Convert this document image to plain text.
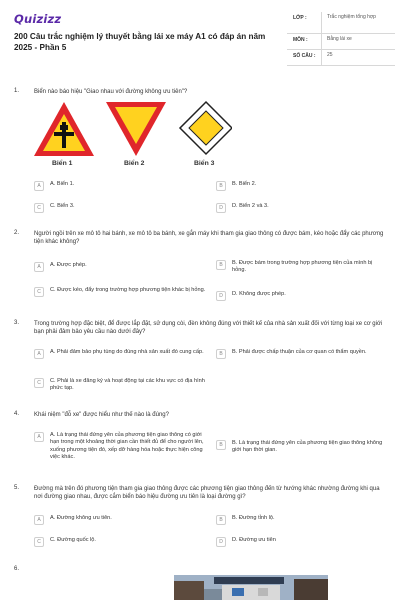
Quizizz
200 Câu trắc nghiệm lý thuyết bằng lái xe máy A1 có đáp án năm 2025 - Phần 5
LỚP :	Trắc nghiệm tổng hợp
MÔN :	Bằng lái xe
SỐ CÂU : 25
1. Biển nào báo hiệu "Giao nhau với đường không ưu tiên"?
Biển 1	Biển 2	Biển 3
A	A. Biển 1.	B	B. Biển 2.
C	C. Biển 3.	D	D. Biển 2 và 3.
2. Người ngồi trên xe mô tô hai bánh, xe mô tô ba bánh, xe gắn máy khi tham gia giao thông có được bám, kéo hoặc đẩy các phương tiện khác không?
A	A. Được phép.	B	B. Được bám trong trường hợp phương tiện của mình bị hỏng.
C	C. Được kéo, đẩy trong trường hợp phương tiện khác bị hỏng.
D	D. Không được phép.
3. Trong trường hợp đặc biệt, để được lắp đặt, sử dụng còi, đèn không đúng với thiết kế của nhà sản xuất đối với từng loại xe cơ giới bạn phải đảm bảo yêu cầu nào dưới đây?
A	A. Phải đảm bảo phụ tùng do đúng nhà sản xuất đó cung cấp.	B	B. Phải được chấp thuận của cơ quan có thẩm quyền.
C	C. Phải là xe đăng ký và hoạt động tại các khu vực có địa hình phức tạp.
4. Khái niệm "đỗ xe" được hiểu như thế nào là đúng?
A	A. Là trạng thái đứng yên của phương tiện giao thông có giới hạn trong một khoảng thời gian cần thiết đủ để cho người lên, xuống phương tiện đó, xếp dỡ hàng hóa hoặc thực hiện công việc khác.
B	B. Là trạng thái đứng yên của phương tiện giao thông không giới hạn thời gian.
5. Đường mà trên đó phương tiện tham gia giao thông được các phương tiện giao thông đến từ hướng khác nhường đường khi qua nơi đường giao nhau, được cắm biển báo hiệu đường ưu tiên là loại đường gì?
A	A. Đường không ưu tiên.	B	B. Đường tỉnh lộ.
C	C. Đường quốc lộ.	D	D. Đường ưu tiên
6.
